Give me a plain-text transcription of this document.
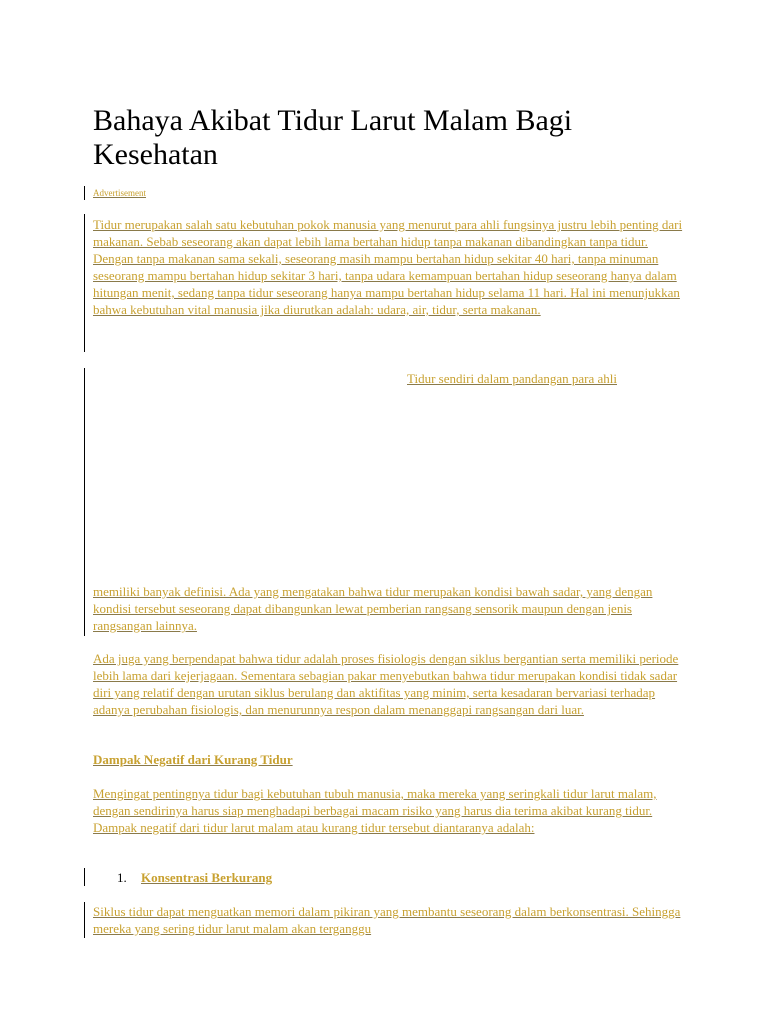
Bahaya Akibat Tidur Larut Malam Bagi Kesehatan
Advertisement

Tidur merupakan salah satu kebutuhan pokok manusia yang menurut para ahli fungsinya justru lebih penting dari makanan. Sebab seseorang akan dapat lebih lama bertahan hidup tanpa makanan dibandingkan tanpa tidur. Dengan tanpa makanan sama sekali, seseorang masih mampu bertahan hidup sekitar 40 hari, tanpa minuman seseorang mampu bertahan hidup sekitar 3 hari, tanpa udara kemampuan bertahan hidup seseorang hanya dalam hitungan menit, sedang tanpa tidur seseorang hanya mampu bertahan hidup selama 11 hari. Hal ini menunjukkan bahwa kebutuhan vital manusia jika diurutkan adalah: udara, air, tidur, serta makanan.

Tidur sendiri dalam pandangan para ahli

memiliki banyak definisi. Ada yang mengatakan bahwa tidur merupakan kondisi bawah sadar, yang dengan kondisi tersebut seseorang dapat dibangunkan lewat pemberian rangsang sensorik maupun dengan jenis rangsangan lainnya.

Ada juga yang berpendapat bahwa tidur adalah proses fisiologis dengan siklus bergantian serta memiliki periode lebih lama dari kejerjagaan. Sementara sebagian pakar menyebutkan bahwa tidur merupakan kondisi tidak sadar diri yang relatif dengan urutan siklus berulang dan aktifitas yang minim, serta kesadaran bervariasi terhadap adanya perubahan fisiologis, dan menurunnya respon dalam menanggapi rangsangan dari luar.

Dampak Negatif dari Kurang Tidur

Mengingat pentingnya tidur bagi kebutuhan tubuh manusia, maka mereka yang seringkali tidur larut malam, dengan sendirinya harus siap menghadapi berbagai macam risiko yang harus dia terima akibat kurang tidur. Dampak negatif dari tidur larut malam atau kurang tidur tersebut diantaranya adalah:

1. Konsentrasi Berkurang

Siklus tidur dapat menguatkan memori dalam pikiran yang membantu seseorang dalam berkonsentrasi. Sehingga mereka yang sering tidur larut malam akan terganggu
